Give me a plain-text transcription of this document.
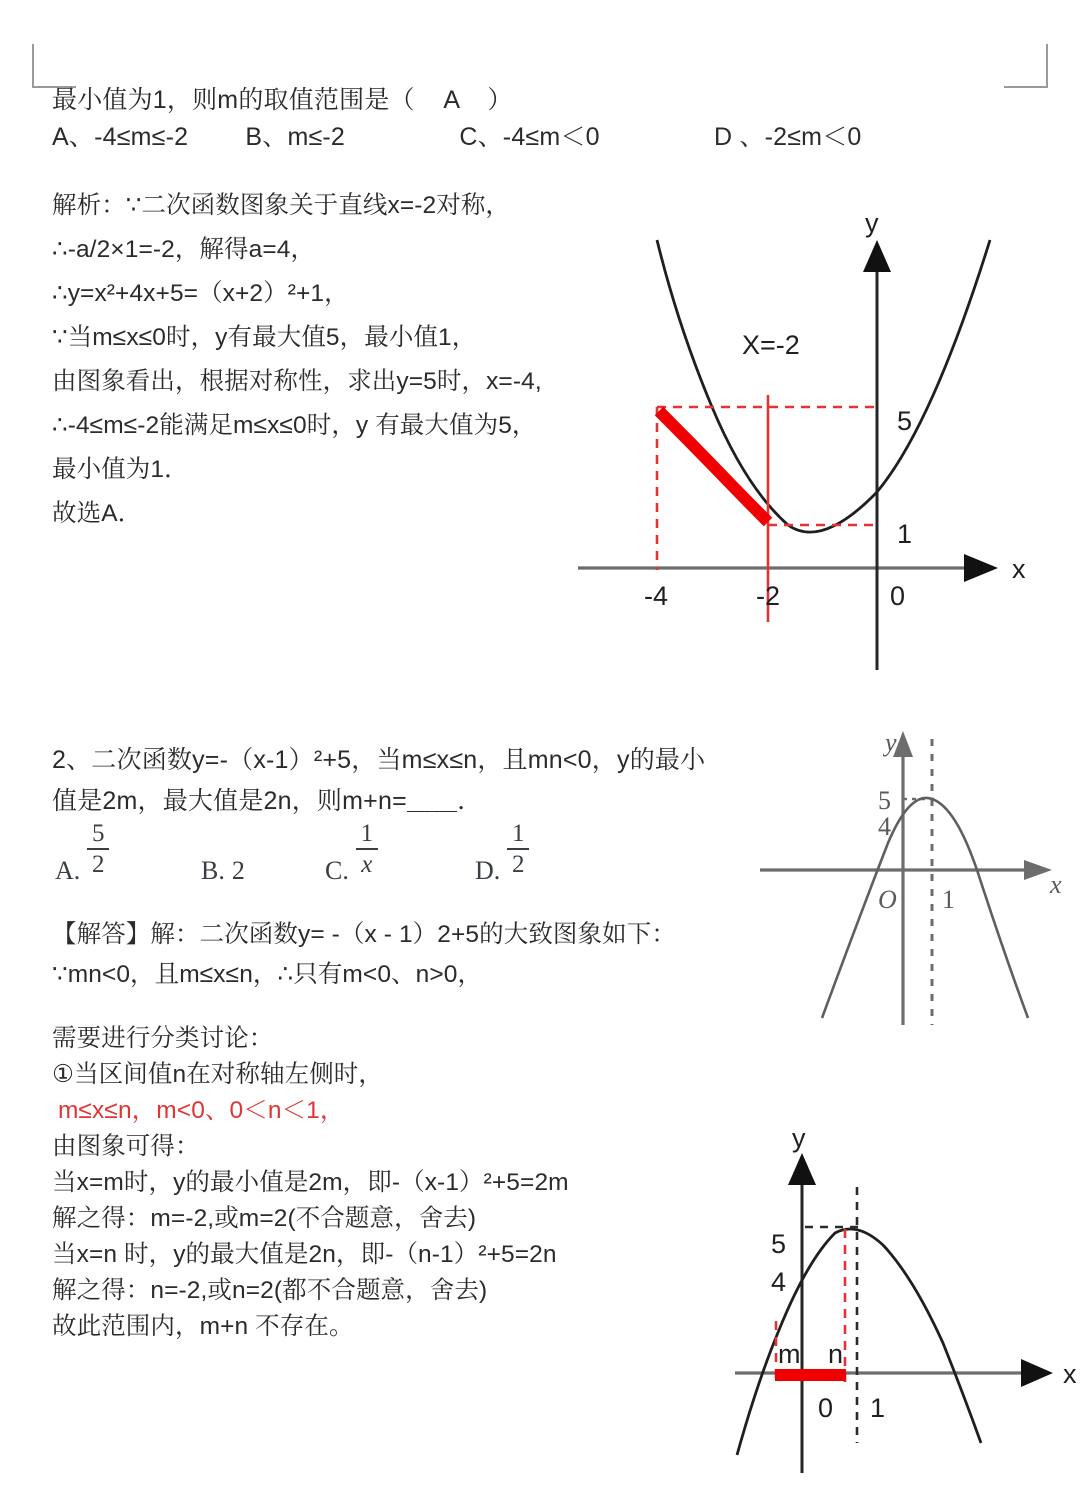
最小值为1，则m的取值范围是（    A    ）
A、-4≤m≤-2        B、m≤-2                C、-4≤m＜0                D 、-2≤m＜0
解析：∵二次函数图象关于直线x=-2对称，
∴-a/2×1=-2，解得a=4，
∴y=x²+4x+5=（x+2）²+1，
∵当m≤x≤0时，y有最大值5，最小值1，
由图象看出，根据对称性，求出y=5时，x=-4,
∴-4≤m≤-2能满足m≤x≤0时，y 有最大值为5，
最小值为1．
故选A．
5
1
-4	-2	0
y
x
X=-2
2、二次函数y=-（x-1）²+5，当m≤x≤n，且mn<0，y的最小
值是2m，最大值是2n，则m+n=＿＿．
A. $\frac{5}{2}$	B. 2	C. $\frac{1}{x}$	D. $\frac{1}{2}$
【解答】解：二次函数y= -（x - 1）2+5的大致图象如下：
∵mn<0，且m≤x≤n，∴只有m<0、n>0，
需要进行分类讨论：
①当区间值n在对称轴左侧时，
m≤x≤n，m<0、0＜n＜1，
由图象可得：
当x=m时，y的最小值是2m，即-（x-1）²+5=2m
解之得：m=-2,或m=2(不合题意，舍去)
当x=n 时，y的最大值是2n，即-（n-1）²+5=2n
解之得：n=-2,或n=2(都不合题意，舍去)
故此范围内，m+n 不存在。
5
4
O 1
y
x
5
4
m n
0 1
y
x
